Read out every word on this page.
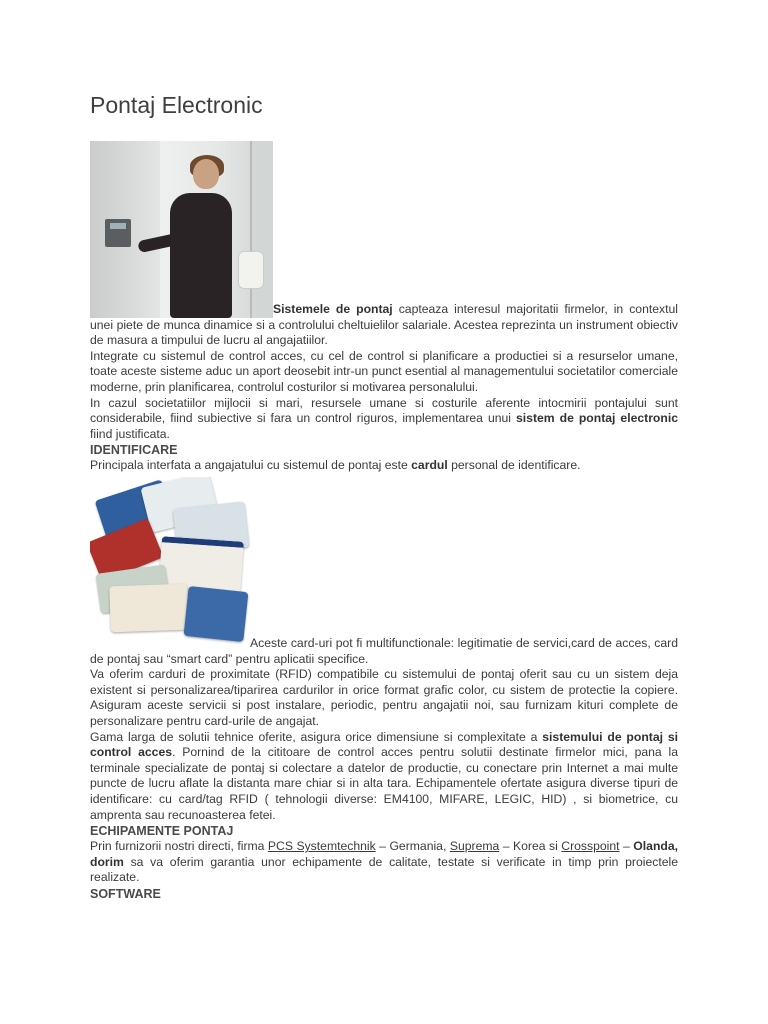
Pontaj Electronic

Sistemele de pontaj capteaza interesul majoritatii firmelor, in contextul unei piete de munca dinamice si a controlului cheltuielilor salariale. Acestea reprezinta un instrument obiectiv de masura a timpului de lucru al angajatiilor.

Integrate cu sistemul de control acces, cu cel de control si planificare a productiei si a resurselor umane, toate aceste sisteme aduc un aport deosebit intr-un punct esential al managementului societatilor comerciale moderne, prin planificarea, controlul costurilor si motivarea personalului.

In cazul societatiilor mijlocii si mari, resursele umane si costurile aferente intocmirii pontajului sunt considerabile, fiind subiective si fara un control riguros, implementarea unui sistem de pontaj electronic fiind justificata.

IDENTIFICARE

Principala interfata a angajatului cu sistemul de pontaj este cardul personal de identificare.

Aceste card-uri pot fi multifunctionale: legitimatie de servici,card de acces, card de pontaj sau “smart card” pentru aplicatii specifice.

Va oferim carduri de proximitate (RFID) compatibile cu sistemului de pontaj oferit sau cu un sistem deja existent si personalizarea/tiparirea cardurilor in orice format grafic color, cu sistem de protectie la copiere. Asiguram aceste servicii si post instalare, periodic, pentru angajatii noi, sau furnizam kituri complete de personalizare pentru card-urile de angajat.

Gama larga de solutii tehnice oferite, asigura orice dimensiune si complexitate a sistemului de pontaj si control acces. Pornind de la cititoare de control acces pentru solutii destinate firmelor mici, pana la terminale specializate de pontaj si colectare a datelor de productie, cu conectare prin Internet a mai multe puncte de lucru aflate la distanta mare chiar si in alta tara. Echipamentele ofertate asigura diverse tipuri de identificare: cu card/tag RFID ( tehnologii diverse: EM4100, MIFARE, LEGIC, HID) , si biometrice, cu amprenta sau recunoasterea fetei.

ECHIPAMENTE PONTAJ

Prin furnizorii nostri directi, firma PCS Systemtechnik – Germania, Suprema – Korea si Crosspoint – Olanda, dorim sa va oferim garantia unor echipamente de calitate, testate si verificate in timp prin proiectele realizate.

SOFTWARE
